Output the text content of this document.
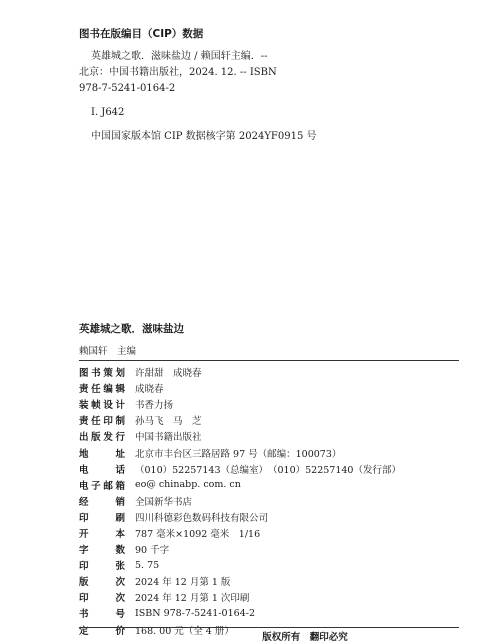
图书在版编目（CIP）数据
英雄城之歌．滋味盐边 / 赖国轩主编．--
北京：中国书籍出版社，2024. 12. -- ISBN
978-7-5241-0164-2
Ⅰ. J642
中国国家版本馆 CIP 数据核字第 2024YF0915 号
英雄城之歌．滋味盐边
赖国轩　主编
图 书 策 划 许甜甜　成晓春
责 任 编 辑 成晓春
装 帧 设 计 书香力扬
责 任 印 制 孙马飞　马　芝
出 版 发 行 中国书籍出版社
地	址 北京市丰台区三路居路 97 号（邮编：100073）
电	话 （010）52257143（总编室）　（010）52257140（发行部）
电 子 邮 箱 eo@ chinabp. com. cn
经	销 全国新华书店
印	刷 四川科德彩色数码科技有限公司
开	本 787 毫米×1092 毫米　1/16
字	数 90 千字
印	张 5. 75
版	次 2024 年 12 月第 1 版
印	次 2024 年 12 月第 1 次印刷
书	号 ISBN 978-7-5241-0164-2
定	价 168. 00 元（全 4 册）
版权所有　翻印必究
